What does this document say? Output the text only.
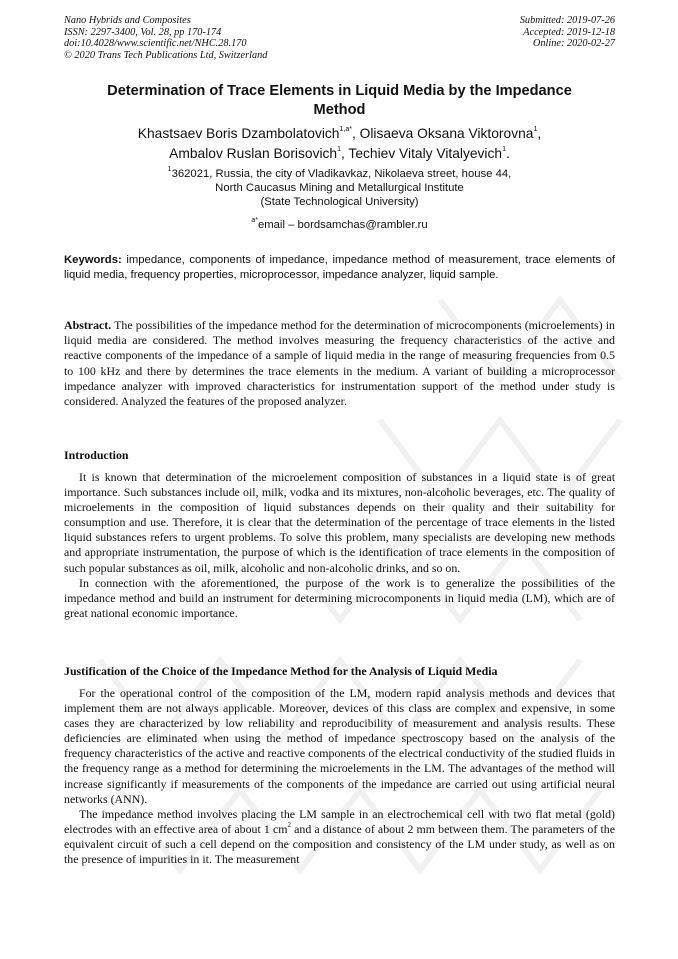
Nano Hybrids and Composites
ISSN: 2297-3400, Vol. 28, pp 170-174
doi:10.4028/www.scientific.net/NHC.28.170
© 2020 Trans Tech Publications Ltd, Switzerland
Submitted: 2019-07-26
Accepted: 2019-12-18
Online: 2020-02-27
Determination of Trace Elements in Liquid Media by the Impedance
Method
Khastsaev Boris Dzambolatovich$^{1,a*}$, Olisaeva Oksana Viktorovna$^1$,
Ambalov Ruslan Borisovich$^1$, Techiev Vitaly Vitalyevich$^1$.
$^1$362021, Russia, the city of Vladikavkaz, Nikolaeva street, house 44,
North Caucasus Mining and Metallurgical Institute
(State Technological University)
$^{a*}$email – bordsamchas@rambler.ru
Keywords: impedance, components of impedance, impedance method of measurement, trace elements of liquid media, frequency properties, microprocessor, impedance analyzer, liquid sample.
Abstract. The possibilities of the impedance method for the determination of microcomponents (microelements) in liquid media are considered. The method involves measuring the frequency characteristics of the active and reactive components of the impedance of a sample of liquid media in the range of measuring frequencies from 0.5 to 100 kHz and there by determines the trace elements in the medium. A variant of building a microprocessor impedance analyzer with improved characteristics for instrumentation support of the method under study is considered. Analyzed the features of the proposed analyzer.
Introduction

It is known that determination of the microelement composition of substances in a liquid state is of great importance. Such substances include oil, milk, vodka and its mixtures, non-alcoholic beverages, etc. The quality of microelements in the composition of liquid substances depends on their quality and their suitability for consumption and use. Therefore, it is clear that the determination of the percentage of trace elements in the listed liquid substances refers to urgent problems. To solve this problem, many specialists are developing new methods and appropriate instrumentation, the purpose of which is the identification of trace elements in the composition of such popular substances as oil, milk, alcoholic and non-alcoholic drinks, and so on.

In connection with the aforementioned, the purpose of the work is to generalize the possibilities of the impedance method and build an instrument for determining microcomponents in liquid media (LM), which are of great national economic importance.

Justification of the Choice of the Impedance Method for the Analysis of Liquid Media

For the operational control of the composition of the LM, modern rapid analysis methods and devices that implement them are not always applicable. Moreover, devices of this class are complex and expensive, in some cases they are characterized by low reliability and reproducibility of measurement and analysis results. These deficiencies are eliminated when using the method of impedance spectroscopy based on the analysis of the frequency characteristics of the active and reactive components of the electrical conductivity of the studied fluids in the frequency range as a method for determining the microelements in the LM. The advantages of the method will increase significantly if measurements of the components of the impedance are carried out using artificial neural networks (ANN).

The impedance method involves placing the LM sample in an electrochemical cell with two flat metal (gold) electrodes with an effective area of about 1 $cm^2$ and a distance of about 2 mm between them. The parameters of the equivalent circuit of such a cell depend on the composition and consistency of the LM under study, as well as on the presence of impurities in it. The measurement
